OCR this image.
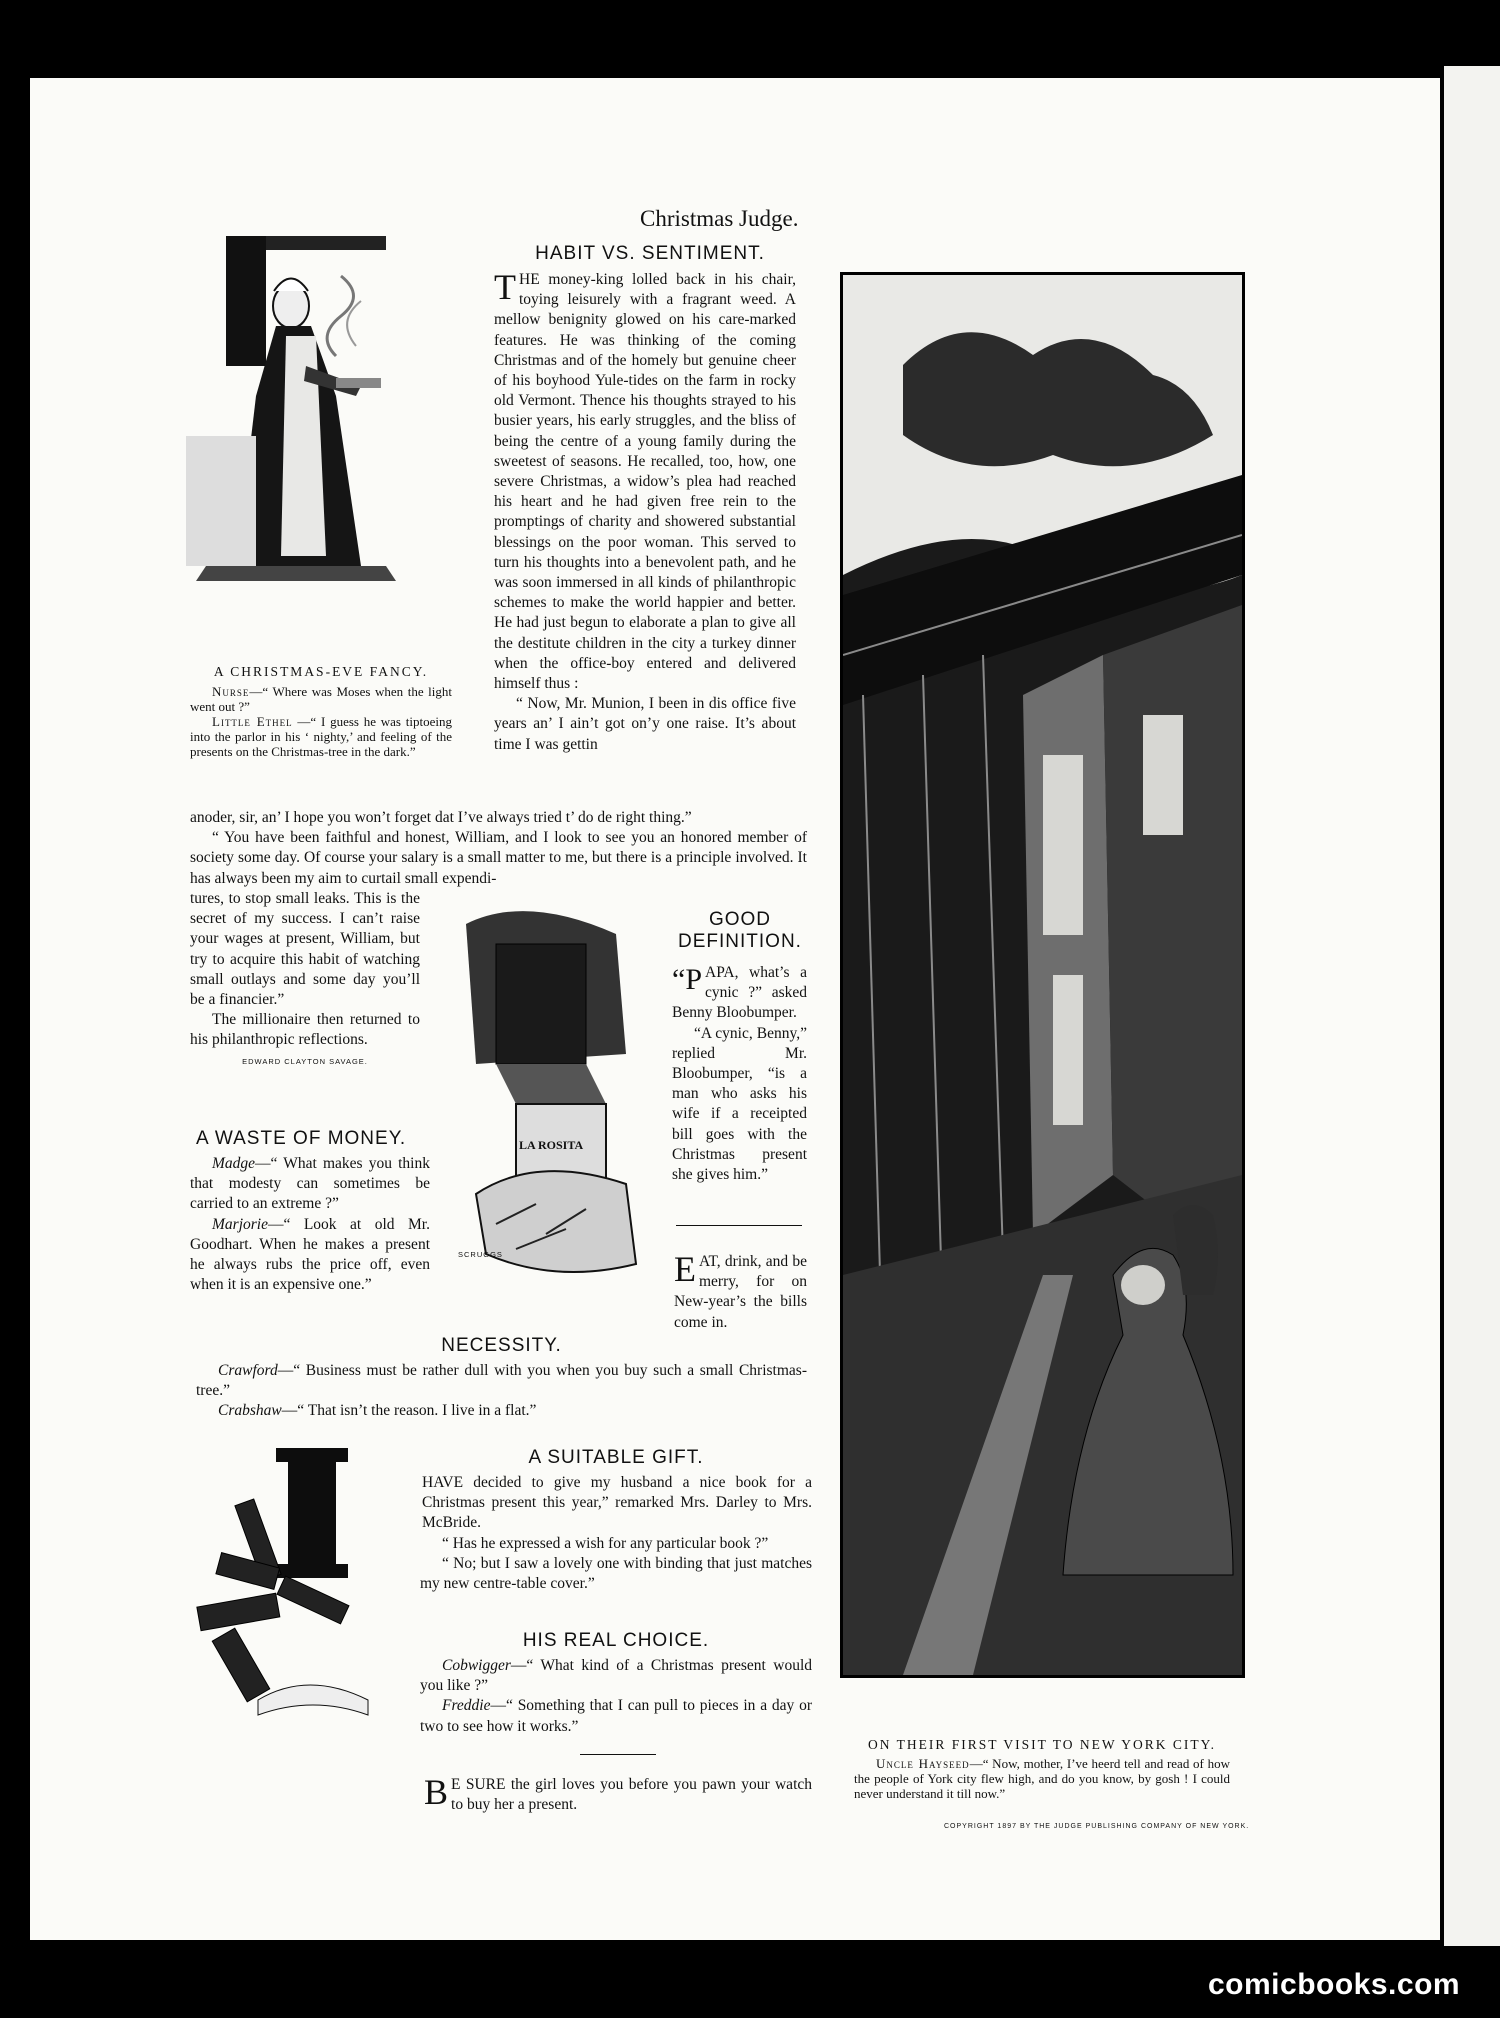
Christmas Judge.

A CHRISTMAS-EVE FANCY.

Nurse—“ Where was Moses when the light went out ?”

Little Ethel —“ I guess he was tiptoeing into the parlor in his ‘ nighty,’ and feeling of the presents on the Christmas-tree in the dark.”

HABIT VS. SENTIMENT.

THE money-king lolled back in his chair, toying leisurely with a fragrant weed. A mellow benignity glowed on his care-marked features. He was thinking of the coming Christmas and of the homely but genuine cheer of his boyhood Yule-tides on the farm in rocky old Vermont. Thence his thoughts strayed to his busier years, his early struggles, and the bliss of being the centre of a young family during the sweetest of seasons. He recalled, too, how, one severe Christmas, a widow’s plea had reached his heart and he had given free rein to the promptings of charity and showered substantial blessings on the poor woman. This served to turn his thoughts into a benevolent path, and he was soon immersed in all kinds of philanthropic schemes to make the world happier and better. He had just begun to elaborate a plan to give all the destitute children in the city a turkey dinner when the office-boy entered and delivered himself thus :

“ Now, Mr. Munion, I been in dis office five years an’ I ain’t got on’y one raise. It’s about time I was gettin

anoder, sir, an’ I hope you won’t forget dat I’ve always tried t’ do de right thing.”

“ You have been faithful and honest, William, and I look to see you an honored member of society some day. Of course your salary is a small matter to me, but there is a principle involved. It has always been my aim to curtail small expendi-

tures, to stop small leaks. This is the secret of my success. I can’t raise your wages at present, William, but try to acquire this habit of watching small outlays and some day you’ll be a financier.”

The millionaire then returned to his philanthropic reflections.

EDWARD CLAYTON SAVAGE.

LA ROSITA
SCRUGGS

GOOD

DEFINITION.

“PAPA, what’s a cynic ?” asked Benny Bloobumper.

“A cynic, Benny,” replied Mr. Bloobumper, “is a man who asks his wife if a receipted bill goes with the Christmas present she gives him.”

EAT, drink, and be merry, for on New-year’s the bills come in.

A WASTE OF MONEY.

Madge—“ What makes you think that modesty can sometimes be carried to an extreme ?”

Marjorie—“ Look at old Mr. Goodhart. When he makes a present he always rubs the price off, even when it is an expensive one.”

NECESSITY.

Crawford—“ Business must be rather dull with you when you buy such a small Christmas-tree.”

Crabshaw—“ That isn’t the reason. I live in a flat.”

A SUITABLE GIFT.

HAVE decided to give my husband a nice book for a Christmas present this year,” remarked Mrs. Darley to Mrs. McBride.

“ Has he expressed a wish for any particular book ?”

“ No; but I saw a lovely one with binding that just matches my new centre-table cover.”

HIS REAL CHOICE.

Cobwigger—“ What kind of a Christmas present would you like ?”

Freddie—“ Something that I can pull to pieces in a day or two to see how it works.”

B E SURE the girl loves you before you pawn your watch to buy her a present.

ON THEIR FIRST VISIT TO NEW YORK CITY.

Uncle Hayseed—“ Now, mother, I’ve heerd tell and read of how the people of York city flew high, and do you know, by gosh ! I could never understand it till now.”

COPYRIGHT 1897 BY THE JUDGE PUBLISHING COMPANY OF NEW YORK.
comicbooks.com
